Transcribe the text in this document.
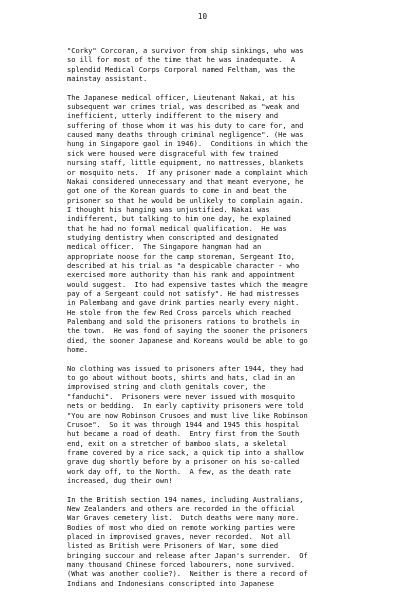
10
"Corky" Corcoran, a survivor from ship sinkings, who was
so ill for most of the time that he was inadequate.  A
splendid Medical Corps Corporal named Feltham, was the
mainstay assistant.
The Japanese medical officer, Lieutenant Nakai, at his
subsequent war crimes trial, was described as "weak and
inefficient, utterly indifferent to the misery and
suffering of those whom it was his duty to care for, and
caused many deaths through criminal negligence". (He was
hung in Singapore gaol in 1946).  Conditions in which the
sick were housed were disgraceful with few trained
nursing staff, little equipment, no mattresses, blankets
or mosquito nets.  If any prisoner made a complaint which
Nakai considered unnecessary and that meant everyone, he
got one of the Korean guards to come in and beat the
prisoner so that he would be unlikely to complain again.
I thought his hanging was unjustified. Nakai was
indifferent, but talking to him one day, he explained
that he had no formal medical qualification.  He was
studying dentistry when conscripted and designated
medical officer.  The Singapore hangman had an
appropriate noose for the camp storeman, Sergeant Ito,
described at his trial as "a despicable character - who
exercised more authority than his rank and appointment
would suggest.  Ito had expensive tastes which the meagre
pay of a Sergeant could not satisfy". He had mistresses
in Palembang and gave drink parties nearly every night.
He stole from the few Red Cross parcels which reached
Palembang and sold the prisoners rations to brothels in
the town.  He was fond of saying the sooner the prisoners
died, the sooner Japanese and Koreans would be able to go
home.
No clothing was issued to prisoners after 1944, they had
to go about without boots, shirts and hats, clad in an
improvised string and cloth genitals cover, the
"fanduchi".  Prisoners were never issued with mosquito
nets or bedding.  In early captivity prisoners were told
"You are now Robinson Crusoes and must live like Robinson
Crusoe".  So it was through 1944 and 1945 this hospital
hut became a road of death.  Entry first from the South
end, exit on a stretcher of bamboo slats, a skeletal
frame covered by a rice sack, a quick tip into a shallow
grave dug shortly before by a prisoner on his so-called
work day off, to the North.  A few, as the death rate
increased, dug their own!
In the British section 194 names, including Australians,
New Zealanders and others are recorded in the official
War Graves cemetery list.  Dutch deaths were many more.
Bodies of most who died on remote working parties were
placed in improvised graves, never recorded.  Not all
listed as British were Prisoners of War, some died
bringing succour and release after Japan's surrender.  Of
many thousand Chinese forced labourers, none survived.
(What was another coolie?).  Neither is there a record of
Indians and Indonesians conscripted into Japanese
